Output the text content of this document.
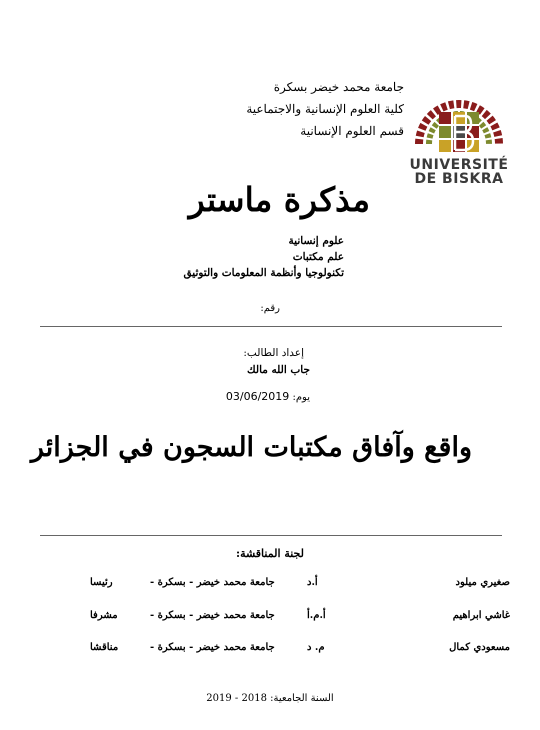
UNIVERSITÉ
DE BISKRA
جامعة محمد خيضر بسكرة
كلية العلوم الإنسانية والاجتماعية
قسم العلوم الإنسانية
مذكرة ماستر
علوم إنسانية
علم مكتبات
تكنولوجيا وأنظمة المعلومات والتوثيق
رقم:
إعداد الطالب:
جاب الله مالك
يوم: 03/06/2019
واقع وآفاق مكتبات السجون في الجزائر
لجنة المناقشة:
صغيري ميلود
أ.د
جامعة محمد خيضر - بسكرة -
رئيسا
غاشي ابراهيم
أ.م.أ
جامعة محمد خيضر - بسكرة -
مشرفا
مسعودي كمال
م. د
جامعة محمد خيضر - بسكرة -
مناقشا
السنة الجامعية: 2018 - 2019
